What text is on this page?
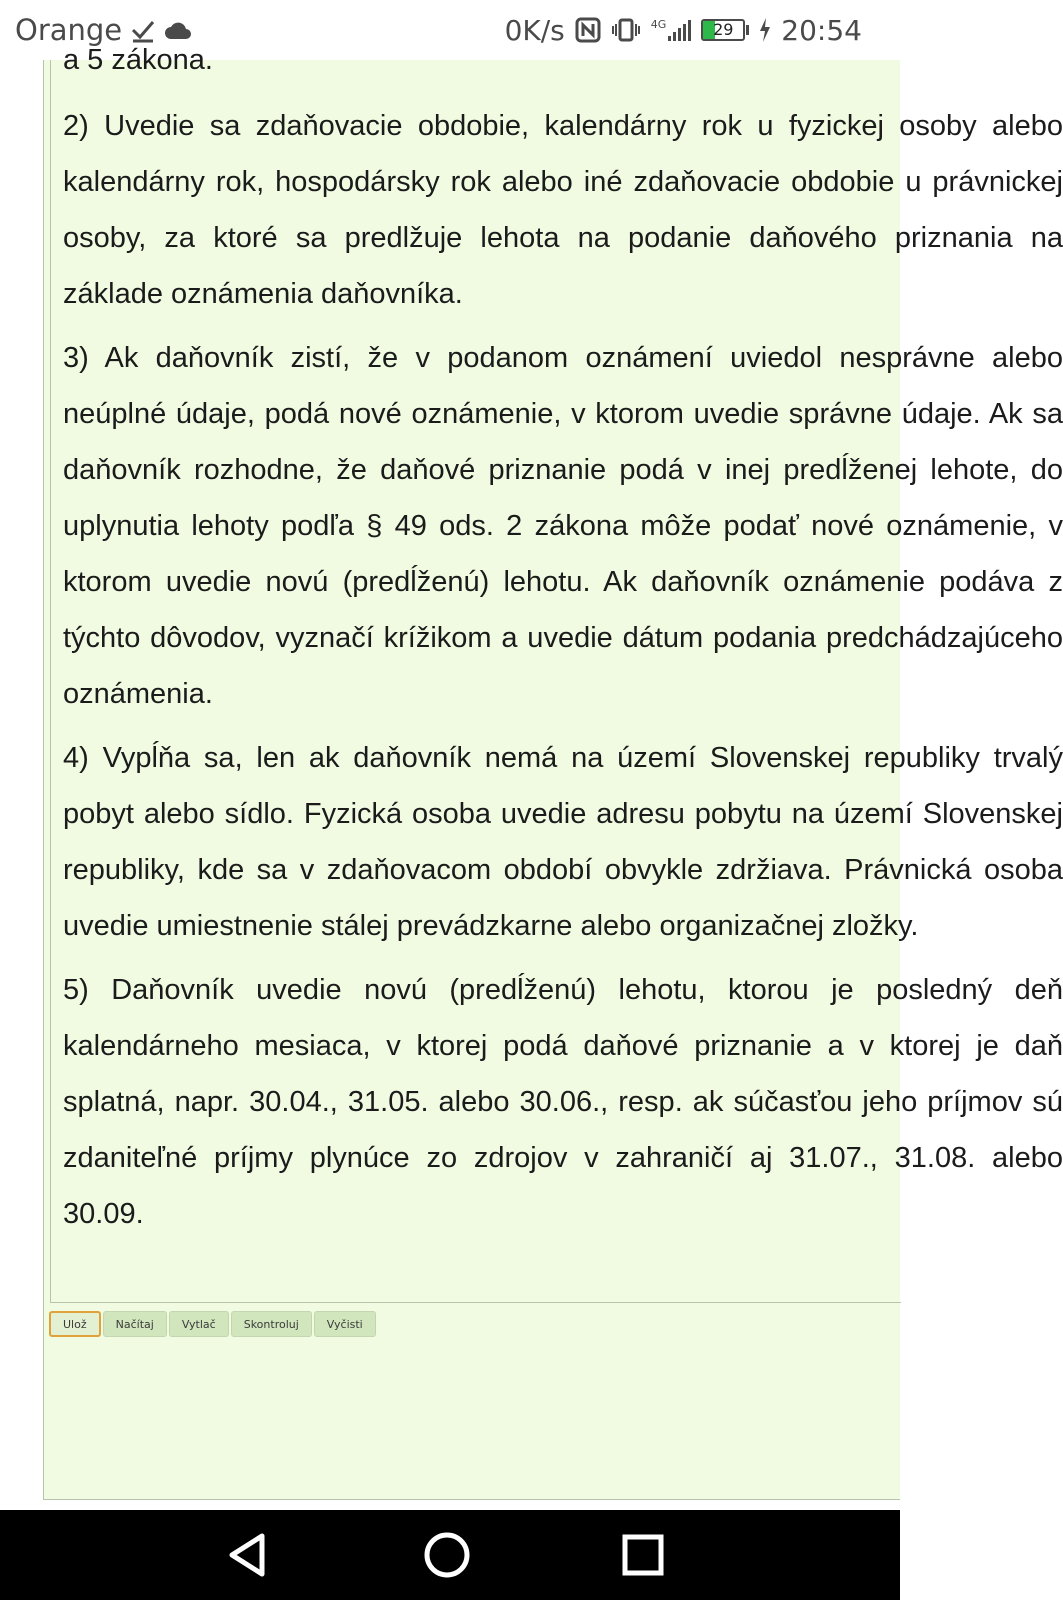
Orange	0K/s	4G	29	20:54

a 5 zákona.

2) Uvedie sa zdaňovacie obdobie, kalendárny rok u fyzickej osoby alebo kalendárny rok, hospodársky rok alebo iné zdaňovacie obdobie u právnickej osoby, za ktoré sa predlžuje lehota na podanie daňového priznania na základe oznámenia daňovníka.

3) Ak daňovník zistí, že v podanom oznámení uviedol nesprávne alebo neúplné údaje, podá nové oznámenie, v ktorom uvedie správne údaje. Ak sa daňovník rozhodne, že daňové priznanie podá v inej predĺženej lehote, do uplynutia lehoty podľa § 49 ods. 2 zákona môže podať nové oznámenie, v ktorom uvedie novú (predĺženú) lehotu. Ak daňovník oznámenie podáva z týchto dôvodov, vyznačí krížikom a uvedie dátum podania predchádzajúceho oznámenia.

4) Vypĺňa sa, len ak daňovník nemá na území Slovenskej republiky trvalý pobyt alebo sídlo. Fyzická osoba uvedie adresu pobytu na území Slovenskej republiky, kde sa v zdaňovacom období obvykle zdržiava. Právnická osoba uvedie umiestnenie stálej prevádzkarne alebo organizačnej zložky.

5) Daňovník uvedie novú (predĺženú) lehotu, ktorou je posledný deň kalendárneho mesiaca, v ktorej podá daňové priznanie a v ktorej je daň splatná, napr. 30.04., 31.05. alebo 30.06., resp. ak súčasťou jeho príjmov sú zdaniteľné príjmy plynúce zo zdrojov v zahraničí aj 31.07., 31.08. alebo 30.09.

Ulož	Načítaj	Vytlač	Skontroluj	Vyčisti
